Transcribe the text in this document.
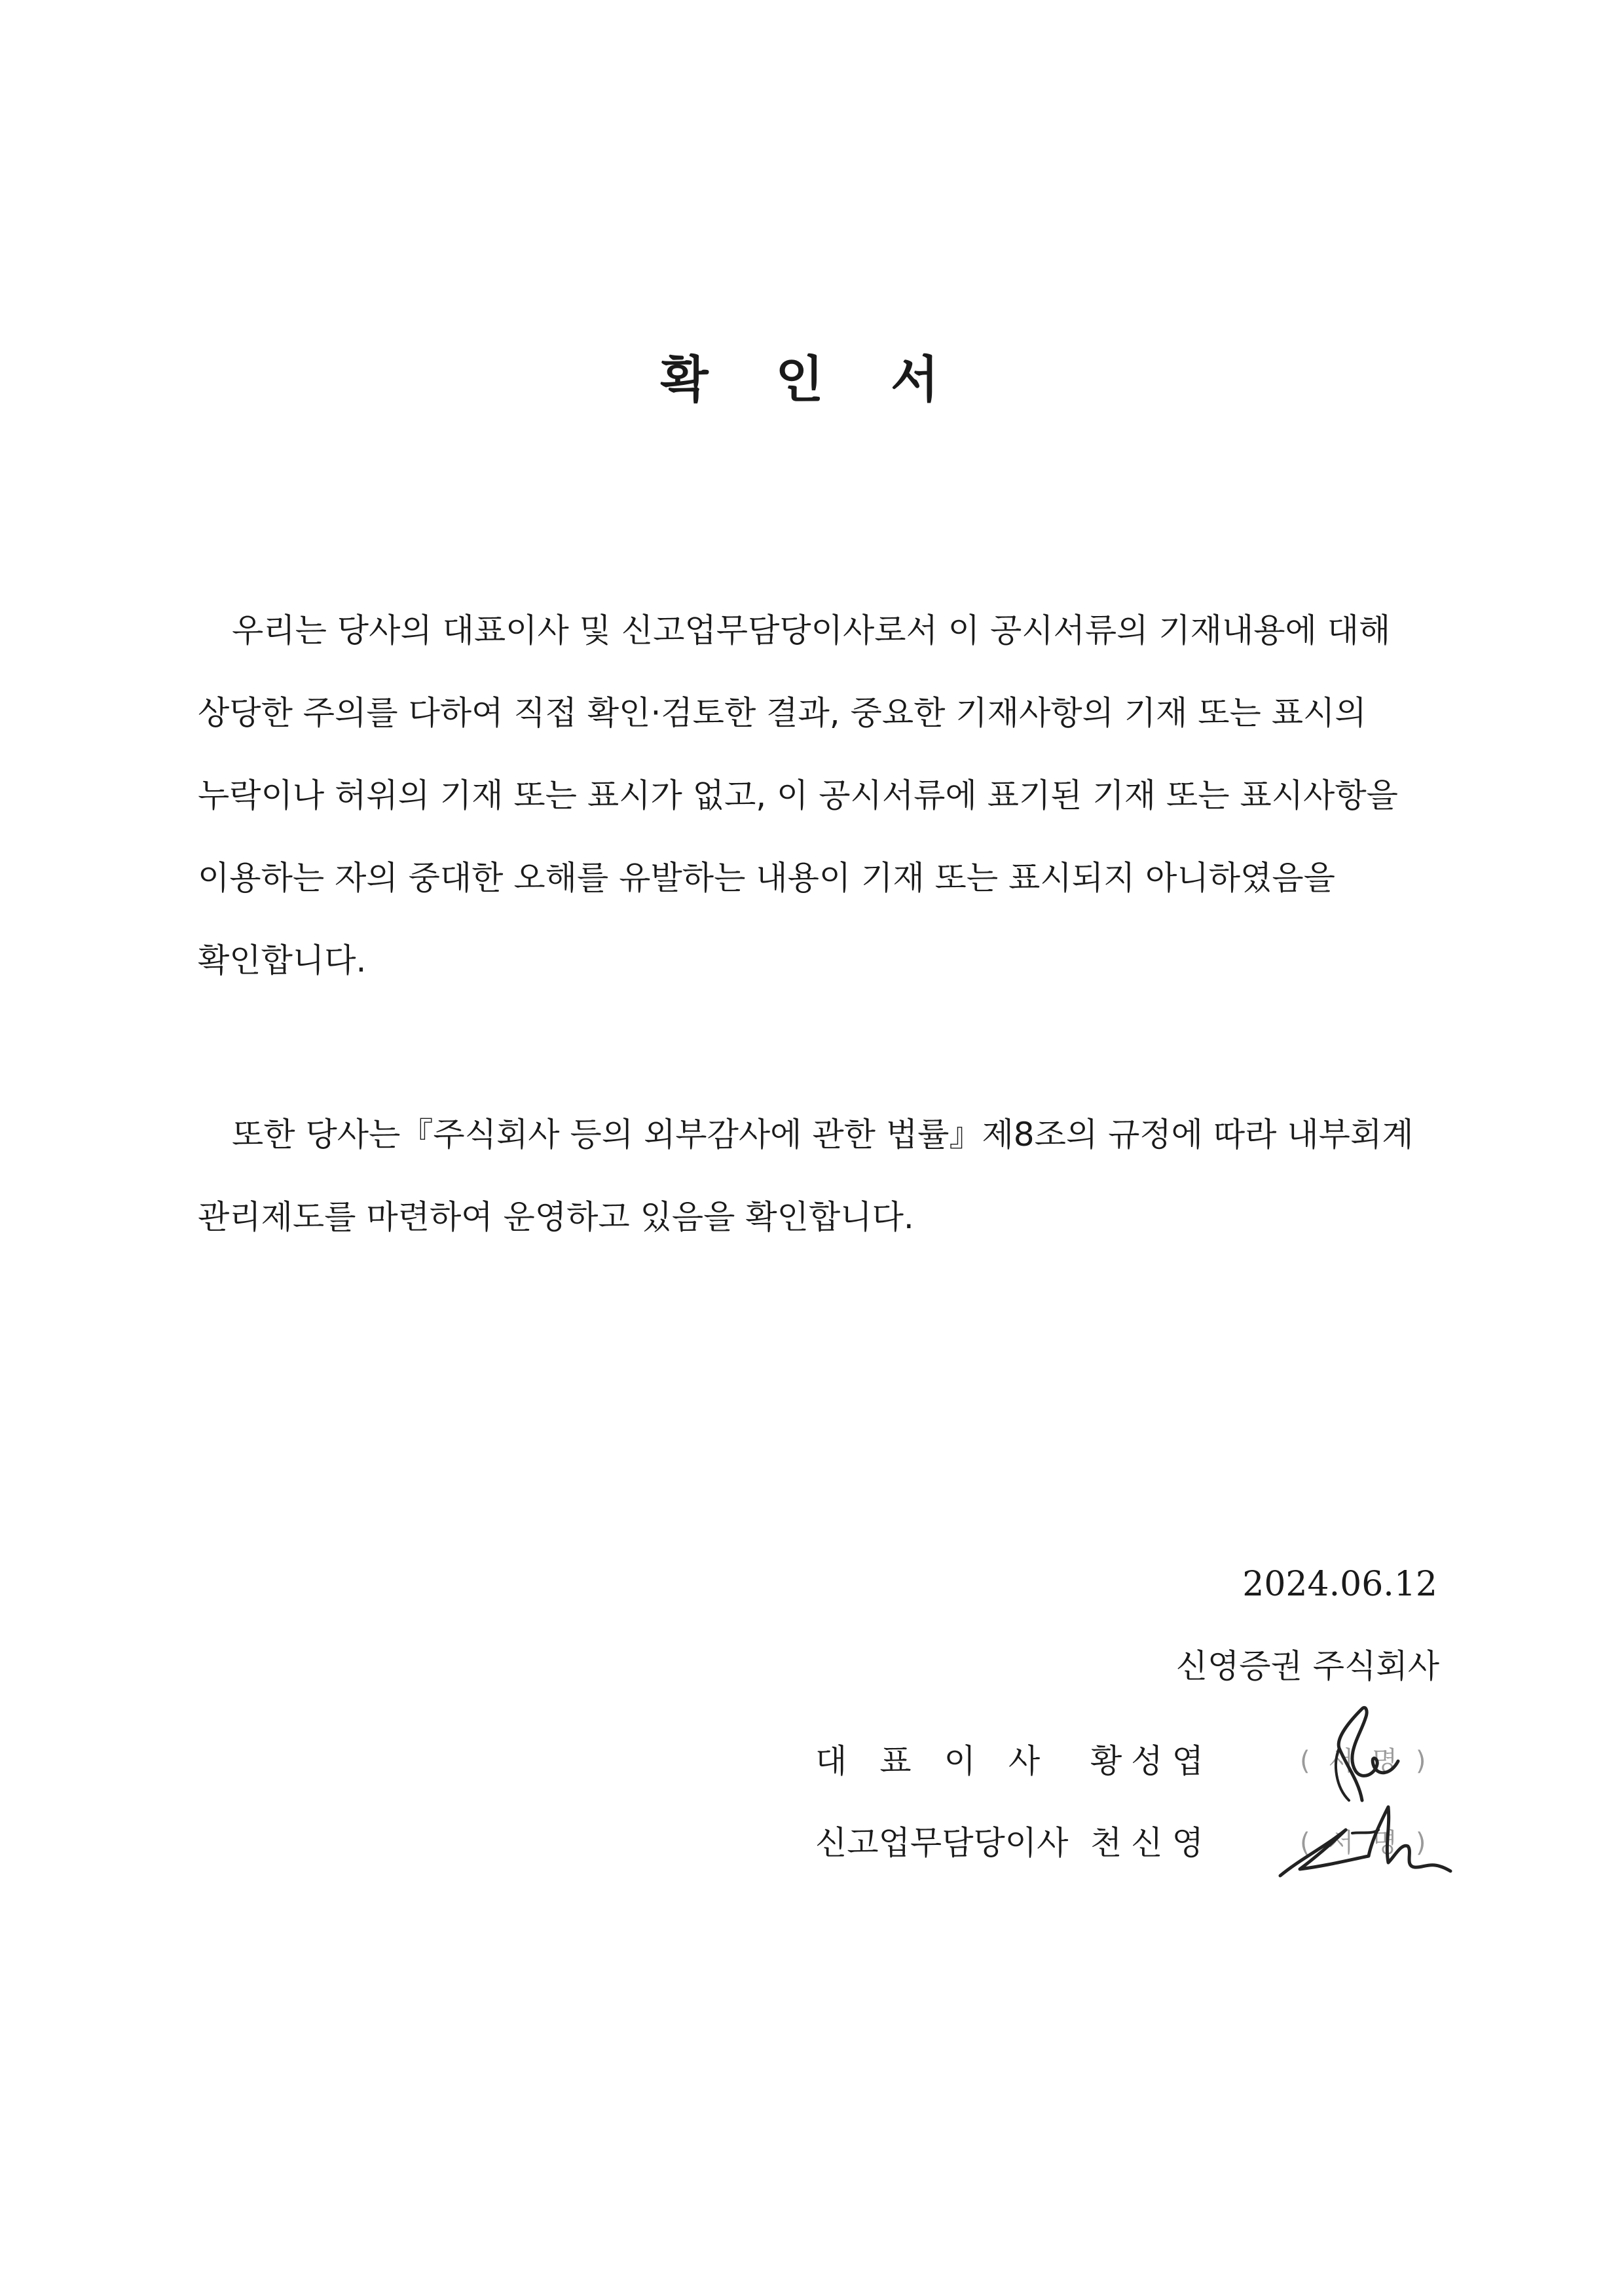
확 인 서
우리는 당사의 대표이사 및 신고업무담당이사로서 이 공시서류의 기재내용에 대해
상당한 주의를 다하여 직접 확인·검토한 결과, 중요한 기재사항의 기재 또는 표시의
누락이나 허위의 기재 또는 표시가 없고, 이 공시서류에 표기된 기재 또는 표시사항을
이용하는 자의 중대한 오해를 유발하는 내용이 기재 또는 표시되지 아니하였음을
확인합니다.
또한 당사는『주식회사 등의 외부감사에 관한 법률』제8조의 규정에 따라 내부회계
관리제도를 마련하여 운영하고 있음을 확인합니다.
2024.06.12
신영증권 주식회사
대표이사 황성엽	(서명)
신고업무담당이사 천신영	(서명)
